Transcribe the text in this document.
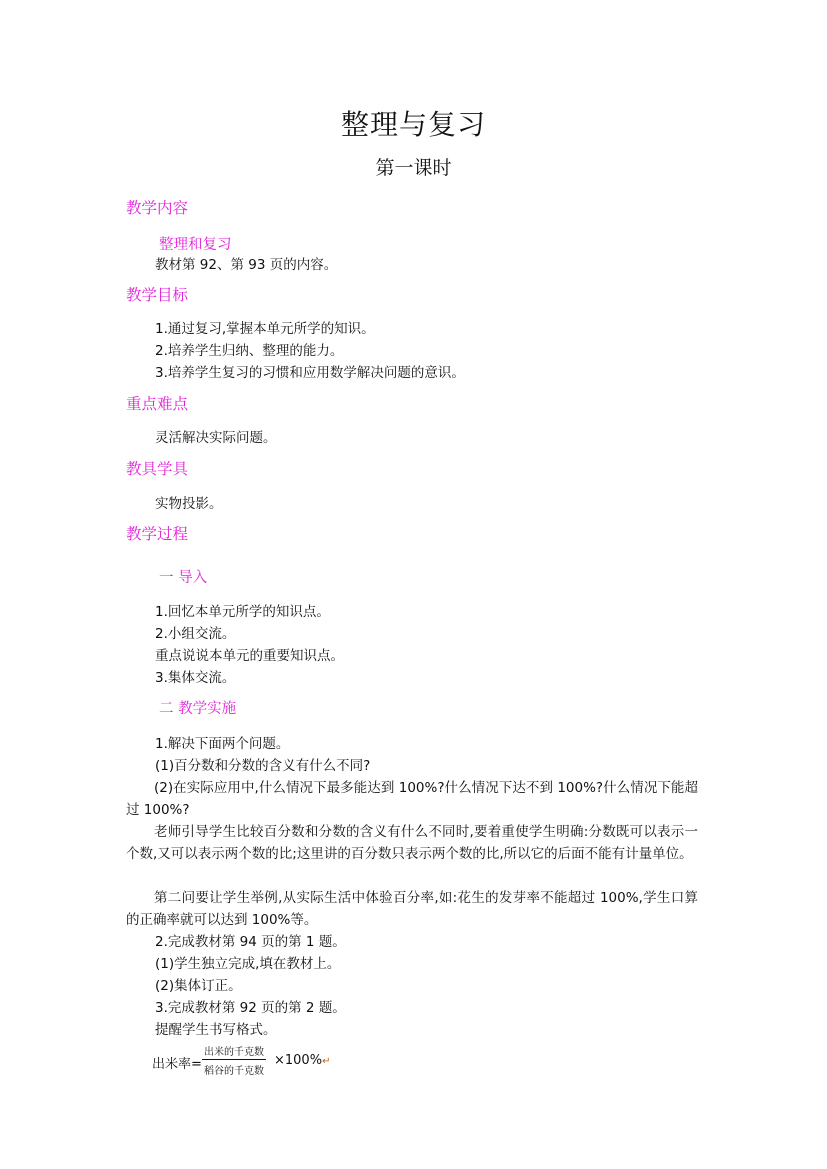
整理与复习
第一课时
教学内容
整理和复习
教材第 92、第 93 页的内容。
教学目标
1.通过复习,掌握本单元所学的知识。
2.培养学生归纳、整理的能力。
3.培养学生复习的习惯和应用数学解决问题的意识。
重点难点
灵活解决实际问题。
教具学具
实物投影。
教学过程
一 导入
1.回忆本单元所学的知识点。
2.小组交流。
重点说说本单元的重要知识点。
3.集体交流。
二 教学实施
1.解决下面两个问题。
(1)百分数和分数的含义有什么不同?
(2)在实际应用中,什么情况下最多能达到 100%?什么情况下达不到 100%?什么情况下能超过 100%?
老师引导学生比较百分数和分数的含义有什么不同时,要着重使学生明确:分数既可以表示一个数,又可以表示两个数的比;这里讲的百分数只表示两个数的比,所以它的后面不能有计量单位。
第二问要让学生举例,从实际生活中体验百分率,如:花生的发芽率不能超过 100%,学生口算的正确率就可以达到 100%等。
2.完成教材第 94 页的第 1 题。
(1)学生独立完成,填在教材上。
(2)集体订正。
3.完成教材第 92 页的第 2 题。
提醒学生书写格式。
出米率=
出米的千克数
稻谷的千克数
×100%↵
